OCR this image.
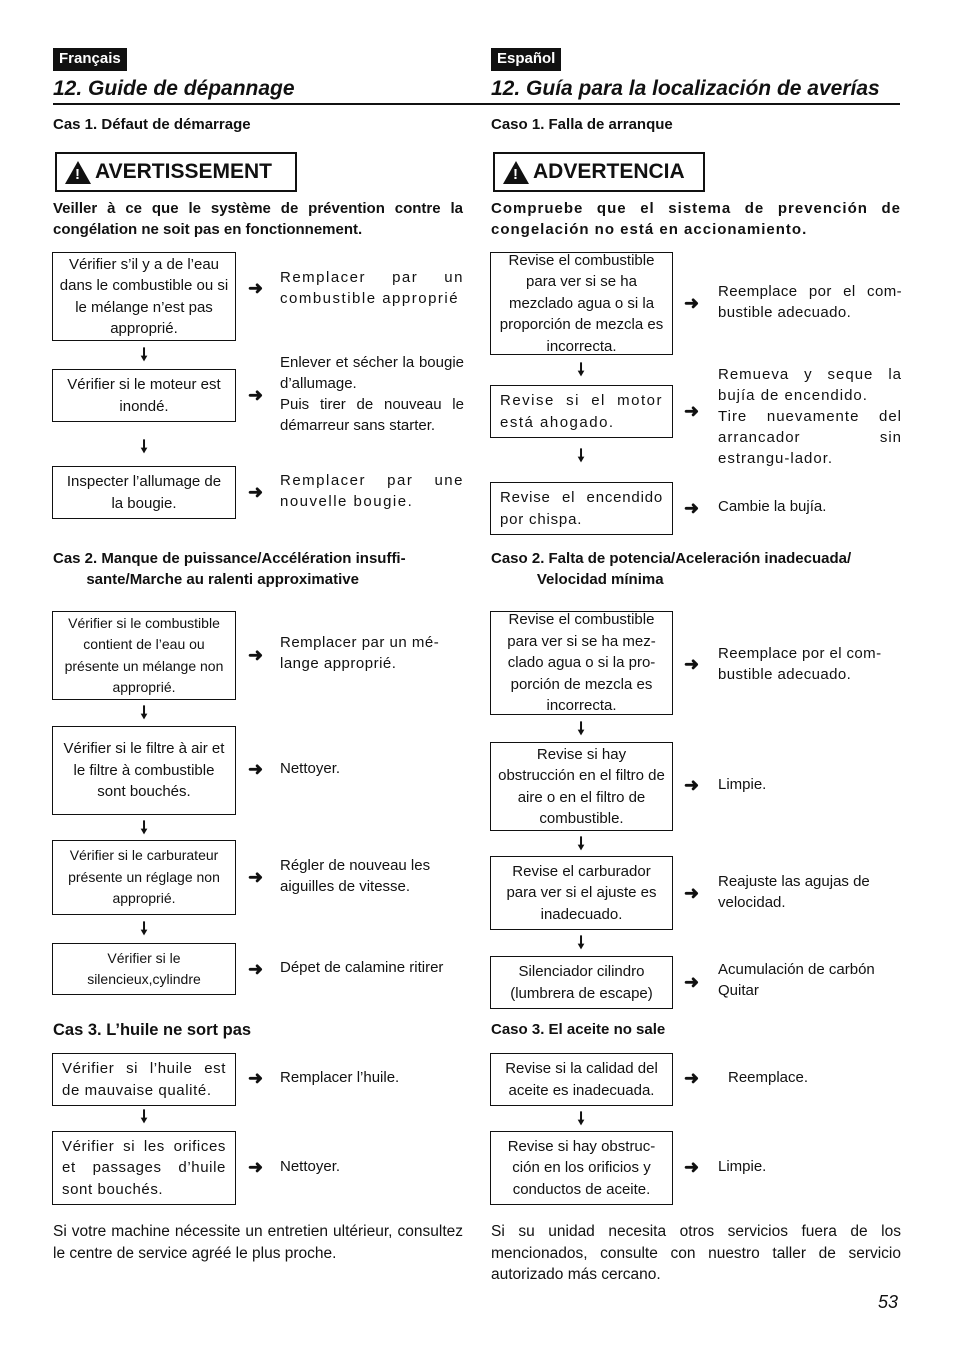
Français
12. Guide de dépannage
Cas 1. Défaut de démarrage
! AVERTISSEMENT
Veiller à ce que le système de prévention contre la congélation ne soit pas en fonctionnement.
Vérifier s’il y a de l’eau dans le combustible ou si le mélange n’est pas approprié.
➜
Remplacer par un combustible approprié
🠗
Vérifier si le moteur est inondé.
➜
Enlever et sécher la bougie d’allumage.
Puis tirer de nouveau le démarreur sans starter.
🠗
Inspecter l’allumage de la bougie.
➜
Remplacer par une nouvelle bougie.
Cas 2. Manque de puissance/Accélération insuffi-
sante/Marche au ralenti approximative
Vérifier si le combustible contient de l’eau ou présente un mélange non approprié.
➜
Remplacer par un mé-lange approprié.
🠗
Vérifier si le filtre à air et le filtre à combustible sont bouchés.
➜ Nettoyer.
🠗
Vérifier si le carburateur présente un réglage non approprié.
➜
Régler de nouveau les aiguilles de vitesse.
🠗
Vérifier si le silencieux,cylindre	➜ Dépet de calamine ritirer
Cas 3. L’huile ne sort pas
Vérifier si l’huile est de mauvaise qualité.
➜ Remplacer l’huile.
🠗
Vérifier si les orifices et passages d’huile sont bouchés.
➜ Nettoyer.
Si votre machine nécessite un entretien ultérieur, consultez le centre de service agréé le plus proche.
Español
12. Guía para la localización de averías
Caso 1. Falla de arranque
! ADVERTENCIA
Compruebe que el sistema de prevención de congelación no está en accionamiento.
Revise el combustible para ver si se ha mezclado agua o si la proporción de mezcla es incorrecta.
➜
Reemplace por el com-bustible adecuado.
🠗
Revise si el motor está ahogado.
➜
Remueva y seque la bujía de encendido.
Tire nuevamente del arrancador sin estrangu-lador.
🠗
Revise el encendido por chispa.
➜ Cambie la bujía.
Caso 2. Falta de potencia/Aceleración inadecuada/
Velocidad mínima
Revise el combustible para ver si se ha mez-clado agua o si la pro-porción de mezcla es incorrecta.
➜
Reemplace por el com-bustible adecuado.
🠗
Revise si hay obstrucción en el filtro de aire o en el filtro de combustible.
➜ Limpie.
🠗
Revise el carburador para ver si el ajuste es inadecuado.
➜
Reajuste las agujas de velocidad.
🠗
Silenciador cilindro (lumbrera de escape)
➜
Acumulación de carbón Quitar
Caso 3. El aceite no sale
Revise si la calidad del aceite es inadecuada.
➜ Reemplace.
🠗
Revise si hay obstruc-ción en los orificios y conductos de aceite.
➜ Limpie.
Si su unidad necesita otros servicios fuera de los mencionados, consulte con nuestro taller de servicio autorizado más cercano.
53
